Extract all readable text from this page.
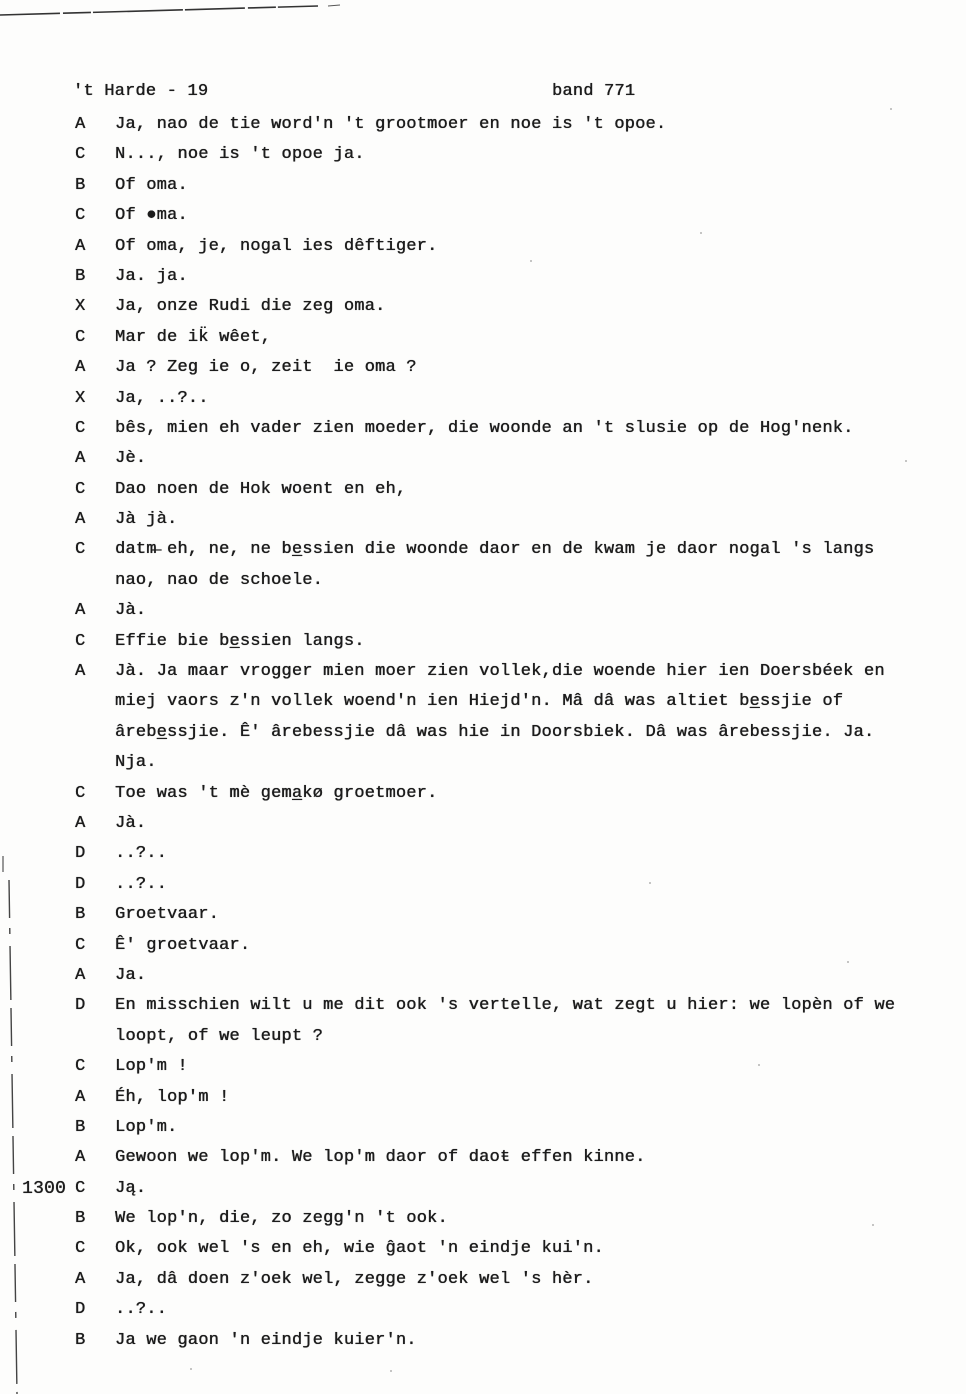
't Harde - 19	band 771
A Ja, nao de tie word'n 't grootmoer en noe is 't opoe.
C N..., noe is 't opoe ja.
B Of oma.
C Of ●ma.
A Of oma, je, nogal ies dêftiger.
B Ja. ja.
X Ja, onze Rudi die zeg oma.
C Mar de ik̈ wêet,
A Ja ? Zeg ie o, zeit  ie oma ?
X Ja, ..?..
C bês, mien eh vader zien moeder, die woonde an 't slusie op de Hog'nenk.
A Jè.
C Dao noen de Hok woent en eh,
A Jà jà.
C datm̶ eh, ne, ne be̲ssien die woonde daor en de kwam je daor nogal 's langs
nao, nao de schoele.
A Jà.
C Effie bie be̲ssien langs.
A Jà. Ja maar vrogger mien moer zien vollek,die woende hier ien Doersbéek en
miej vaors z'n vollek woend'n ien Hiejd'n. Mâ dâ was altiet be̲ssjie of
ârebe̲ssjie. Ê' ârebessjie dâ was hie in Doorsbiek. Dâ was ârebessjie. Ja.
Nja.
C Toe was 't mè gema̲kø groetmoer.
A Jà.
D ..?..
D ..?..
B Groetvaar.
C Ê' groetvaar.
A Ja.
D En misschien wilt u me dit ook 's vertelle, wat zegt u hier: we lopèn of we
loopt, of we leupt ?
C Lop'm !
A Éh, lop'm !
B Lop'm.
A Gewoon we lop'm. We lop'm daor of daoŧ effen kinne.
1300 C Ją.
B We lop'n, die, zo zegg'n 't ook.
C Ok, ook wel 's en eh, wie ĝaot 'n eindje kui'n.
A Ja, dâ doen z'oek wel, zegge z'oek wel 's hèr.
D ..?..
B Ja we gaon 'n eindje kuier'n.
